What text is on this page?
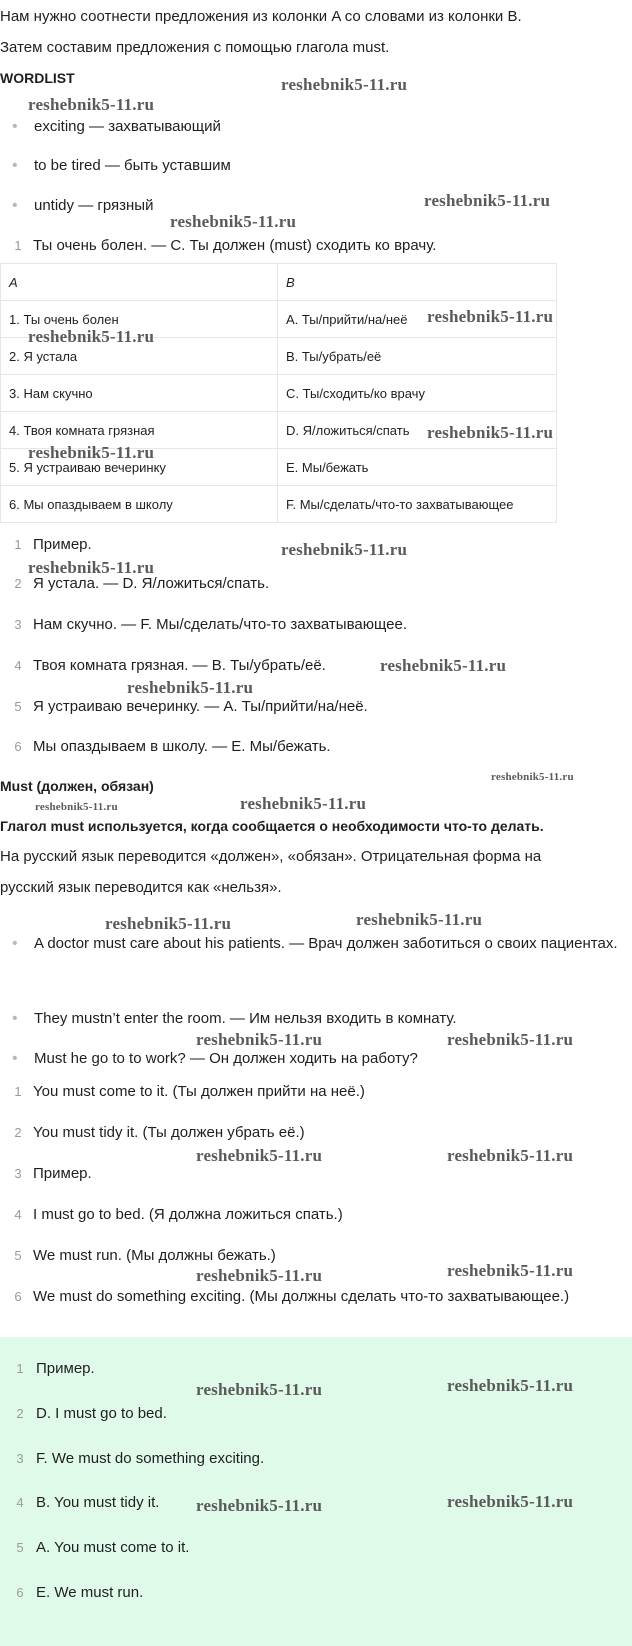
Нам нужно соотнести предложения из колонки A со словами из колонки B.
Затем составим предложения с помощью глагола must.
WORDLIST
• exciting — захватывающий
• to be tired — быть уставшим
• untidy — грязный
1 Ты очень болен. — C. Ты должен (must) сходить ко врачу.
A	B
1. Ты очень болен	A. Ты/прийти/на/неё
2. Я устала	B. Ты/убрать/её
3. Нам скучно	C. Ты/сходить/ко врачу
4. Твоя комната грязная	D. Я/ложиться/спать
5. Я устраиваю вечеринку	E. Мы/бежать
6. Мы опаздываем в школу	F. Мы/сделать/что-то захватывающее
1 Пример.
2 Я устала. — D. Я/ложиться/спать.
3 Нам скучно. — F. Мы/сделать/что-то захватывающее.
4 Твоя комната грязная. — B. Ты/убрать/её.
5 Я устраиваю вечеринку. — A. Ты/прийти/на/неё.
6 Мы опаздываем в школу. — E. Мы/бежать.
Must (должен, обязан)
Глагол must используется, когда сообщается о необходимости что-то делать.
На русский язык переводится «должен», «обязан». Отрицательная форма на
русский язык переводится как «нельзя».
• A doctor must care about his patients. — Врач должен заботиться о своих пациентах.
• They mustn’t enter the room. — Им нельзя входить в комнату.
• Must he go to to work? — Он должен ходить на работу?
1 You must come to it. (Ты должен прийти на неё.)
2 You must tidy it. (Ты должен убрать её.)
3 Пример.
4 I must go to bed. (Я должна ложиться спать.)
5 We must run. (Мы должны бежать.)
6 We must do something exciting. (Мы должны сделать что-то захватывающее.)
1 Пример.
2 D. I must go to bed.
3 F. We must do something exciting.
4 B. You must tidy it.
5 A. You must come to it.
6 E. We must run.
reshebnik5-11.ru
reshebnik5-11.ru
reshebnik5-11.ru
reshebnik5-11.ru
reshebnik5-11.ru
reshebnik5-11.ru
reshebnik5-11.ru
reshebnik5-11.ru
reshebnik5-11.ru
reshebnik5-11.ru
reshebnik5-11.ru
reshebnik5-11.ru
reshebnik5-11.ru
reshebnik5-11.ru	reshebnik5-11.ru
reshebnik5-11.ru	reshebnik5-11.ru
reshebnik5-11.ru	reshebnik5-11.ru
reshebnik5-11.ru	reshebnik5-11.ru
reshebnik5-11.ru	reshebnik5-11.ru
reshebnik5-11.ru	reshebnik5-11.ru
reshebnik5-11.ru	reshebnik5-11.ru
